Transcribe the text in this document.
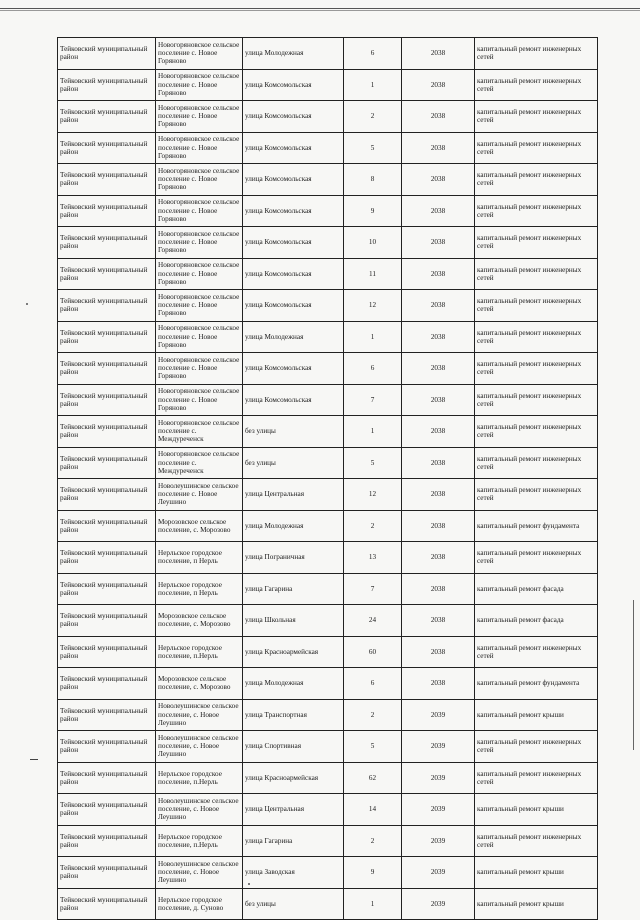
Тейковский муниципальный район	Новогоряновское сельское поселение с. Новое Горяново	улица Молодежная	6	2038	капитальный ремонт инженерных сетей
Тейковский муниципальный район	Новогоряновское сельское поселение с. Новое Горяново	улица Комсомольская	1	2038	капитальный ремонт инженерных сетей
Тейковский муниципальный район	Новогоряновское сельское поселение с. Новое Горяново	улица Комсомольская	2	2038	капитальный ремонт инженерных сетей
Тейковский муниципальный район	Новогоряновское сельское поселение с. Новое Горяново	улица Комсомольская	5	2038	капитальный ремонт инженерных сетей
Тейковский муниципальный район	Новогоряновское сельское поселение с. Новое Горяново	улица Комсомольская	8	2038	капитальный ремонт инженерных сетей
Тейковский муниципальный район	Новогоряновское сельское поселение с. Новое Горяново	улица Комсомольская	9	2038	капитальный ремонт инженерных сетей
Тейковский муниципальный район	Новогоряновское сельское поселение с. Новое Горяново	улица Комсомольская	10	2038	капитальный ремонт инженерных сетей
Тейковский муниципальный район	Новогоряновское сельское поселение с. Новое Горяново	улица Комсомольская	11	2038	капитальный ремонт инженерных сетей
Тейковский муниципальный район	Новогоряновское сельское поселение с. Новое Горяново	улица Комсомольская	12	2038	капитальный ремонт инженерных сетей
Тейковский муниципальный район	Новогоряновское сельское поселение с. Новое Горяново	улица Молодежная	1	2038	капитальный ремонт инженерных сетей
Тейковский муниципальный район	Новогоряновское сельское поселение с. Новое Горяново	улица Комсомольская	6	2038	капитальный ремонт инженерных сетей
Тейковский муниципальный район	Новогоряновское сельское поселение с. Новое Горяново	улица Комсомольская	7	2038	капитальный ремонт инженерных сетей
Тейковский муниципальный район	Новогоряновское сельское поселение с. Междуреченск	без улицы	1	2038	капитальный ремонт инженерных сетей
Тейковский муниципальный район	Новогоряновское сельское поселение с. Междуреченск	без улицы	5	2038	капитальный ремонт инженерных сетей
Тейковский муниципальный район	Новолеушинское сельское поселение с. Новое Леушино	улица Центральная	12	2038	капитальный ремонт инженерных сетей
Тейковский муниципальный район	Морозовское сельское поселение, с. Морозово	улица Молодежная	2	2038	капитальный ремонт фундамента
Тейковский муниципальный район	Нерльское городское поселение, п Нерль	улица Пограничная	13	2038	капитальный ремонт инженерных сетей
Тейковский муниципальный район	Нерльское городское поселение, п Нерль	улица Гагарина	7	2038	капитальный ремонт фасада
Тейковский муниципальный район	Морозовское сельское поселение, с. Морозово	улица Школьная	24	2038	капитальный ремонт фасада
Тейковский муниципальный район	Нерльское городское поселение, п.Нерль	улица Красноармейская	60	2038	капитальный ремонт инженерных сетей
Тейковский муниципальный район	Морозовское сельское поселение, с. Морозово	улица Молодежная	6	2038	капитальный ремонт фундамента
Тейковский муниципальный район	Новолеушинское сельское поселение, с. Новое Леушино	улица Транспортная	2	2039	капитальный ремонт крыши
Тейковский муниципальный район	Новолеушинское сельское поселение, с. Новое Леушино	улица Спортивная	5	2039	капитальный ремонт инженерных сетей
Тейковский муниципальный район	Нерльское городское поселение, п.Нерль	улица Красноармейская	62	2039	капитальный ремонт инженерных сетей
Тейковский муниципальный район	Новолеушинское сельское поселение, с. Новое Леушино	улица Центральная	14	2039	капитальный ремонт крыши
Тейковский муниципальный район	Нерльское городское поселение, п.Нерль	улица Гагарина	2	2039	капитальный ремонт инженерных сетей
Тейковский муниципальный район	Новолеушинское сельское поселение, с. Новое Леушино	улица Заводская	9	2039	капитальный ремонт крыши
Тейковский муниципальный район	Нерльское городское поселение, д. Суново	без улицы	1	2039	капитальный ремонт крыши
